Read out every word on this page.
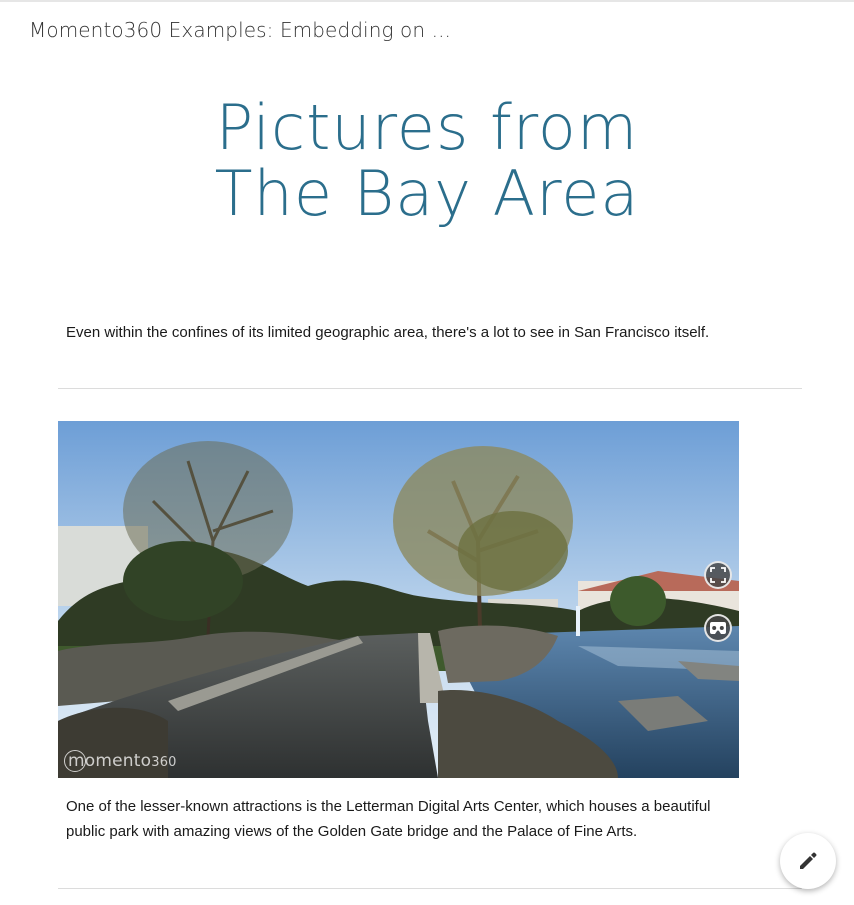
Momento360 Examples: Embedding on ...
Pictures from
The Bay Area

Even within the confines of its limited geographic area, there's a lot to see in San Francisco itself.

momento360

One of the lesser-known attractions is the Letterman Digital Arts Center, which houses a beautiful public park with amazing views of the Golden Gate bridge and the Palace of Fine Arts.
